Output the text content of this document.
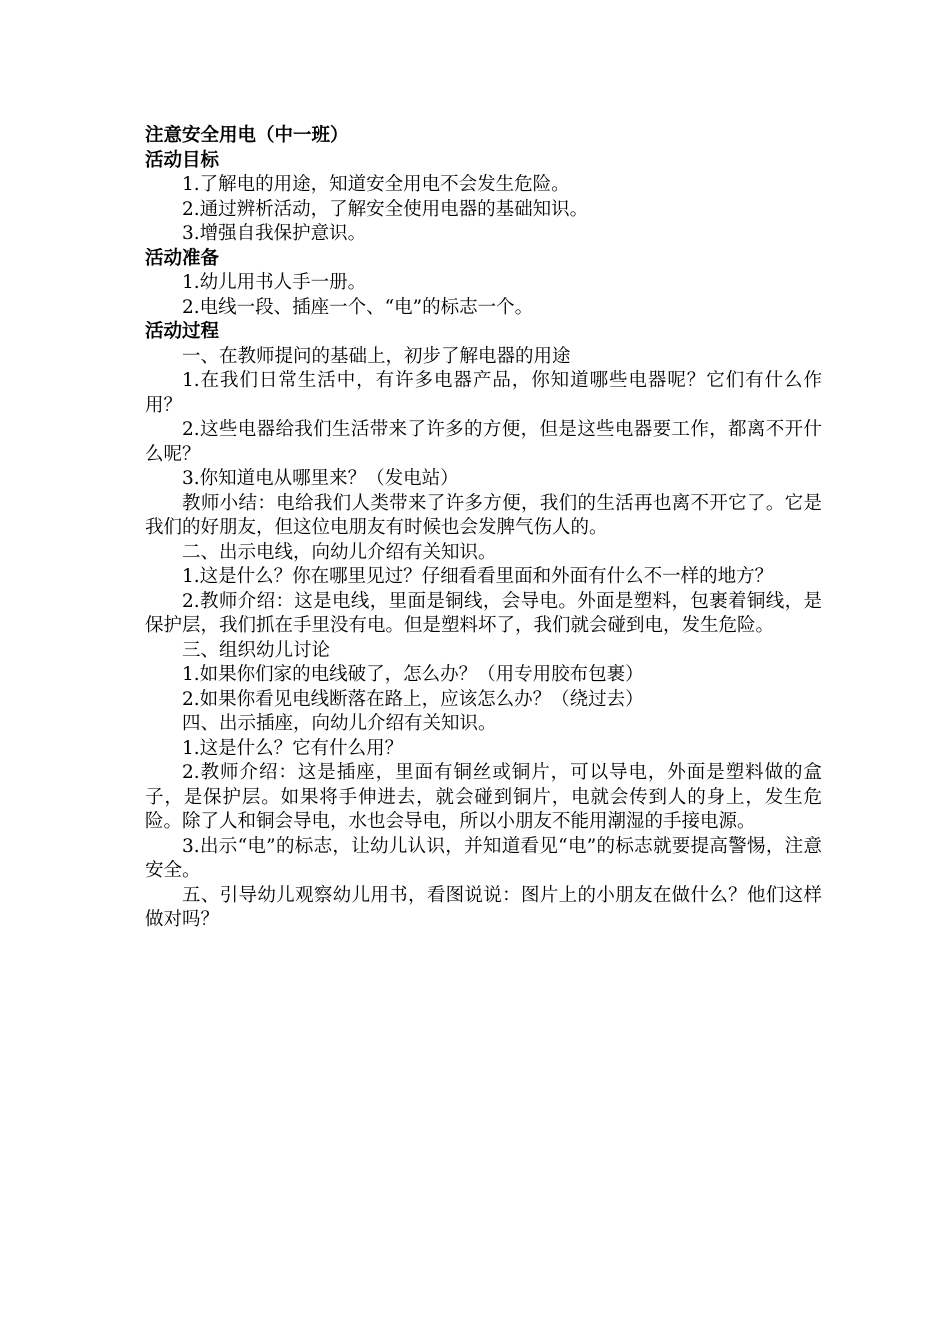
注意安全用电（中一班）

活动目标

1.了解电的用途，知道安全用电不会发生危险。

2.通过辨析活动，了解安全使用电器的基础知识。

3.增强自我保护意识。

活动准备

1.幼儿用书人手一册。

2.电线一段、插座一个、“电”的标志一个。

活动过程

一、在教师提问的基础上，初步了解电器的用途

1.在我们日常生活中，有许多电器产品，你知道哪些电器呢？它们有什么作用？

2.这些电器给我们生活带来了许多的方便，但是这些电器要工作，都离不开什么呢？

3.你知道电从哪里来？（发电站）

教师小结：电给我们人类带来了许多方便，我们的生活再也离不开它了。它是我们的好朋友，但这位电朋友有时候也会发脾气伤人的。

二、出示电线，向幼儿介绍有关知识。

1.这是什么？你在哪里见过？仔细看看里面和外面有什么不一样的地方？

2.教师介绍：这是电线，里面是铜线，会导电。外面是塑料，包裹着铜线，是保护层，我们抓在手里没有电。但是塑料坏了，我们就会碰到电，发生危险。

三、组织幼儿讨论

1.如果你们家的电线破了，怎么办？（用专用胶布包裹）

2.如果你看见电线断落在路上，应该怎么办？（绕过去）

四、出示插座，向幼儿介绍有关知识。

1.这是什么？它有什么用？

2.教师介绍：这是插座，里面有铜丝或铜片，可以导电，外面是塑料做的盒子，是保护层。如果将手伸进去，就会碰到铜片，电就会传到人的身上，发生危险。除了人和铜会导电，水也会导电，所以小朋友不能用潮湿的手接电源。

3.出示“电”的标志，让幼儿认识，并知道看见“电”的标志就要提高警惕，注意安全。

五、引导幼儿观察幼儿用书，看图说说：图片上的小朋友在做什么？他们这样做对吗？
